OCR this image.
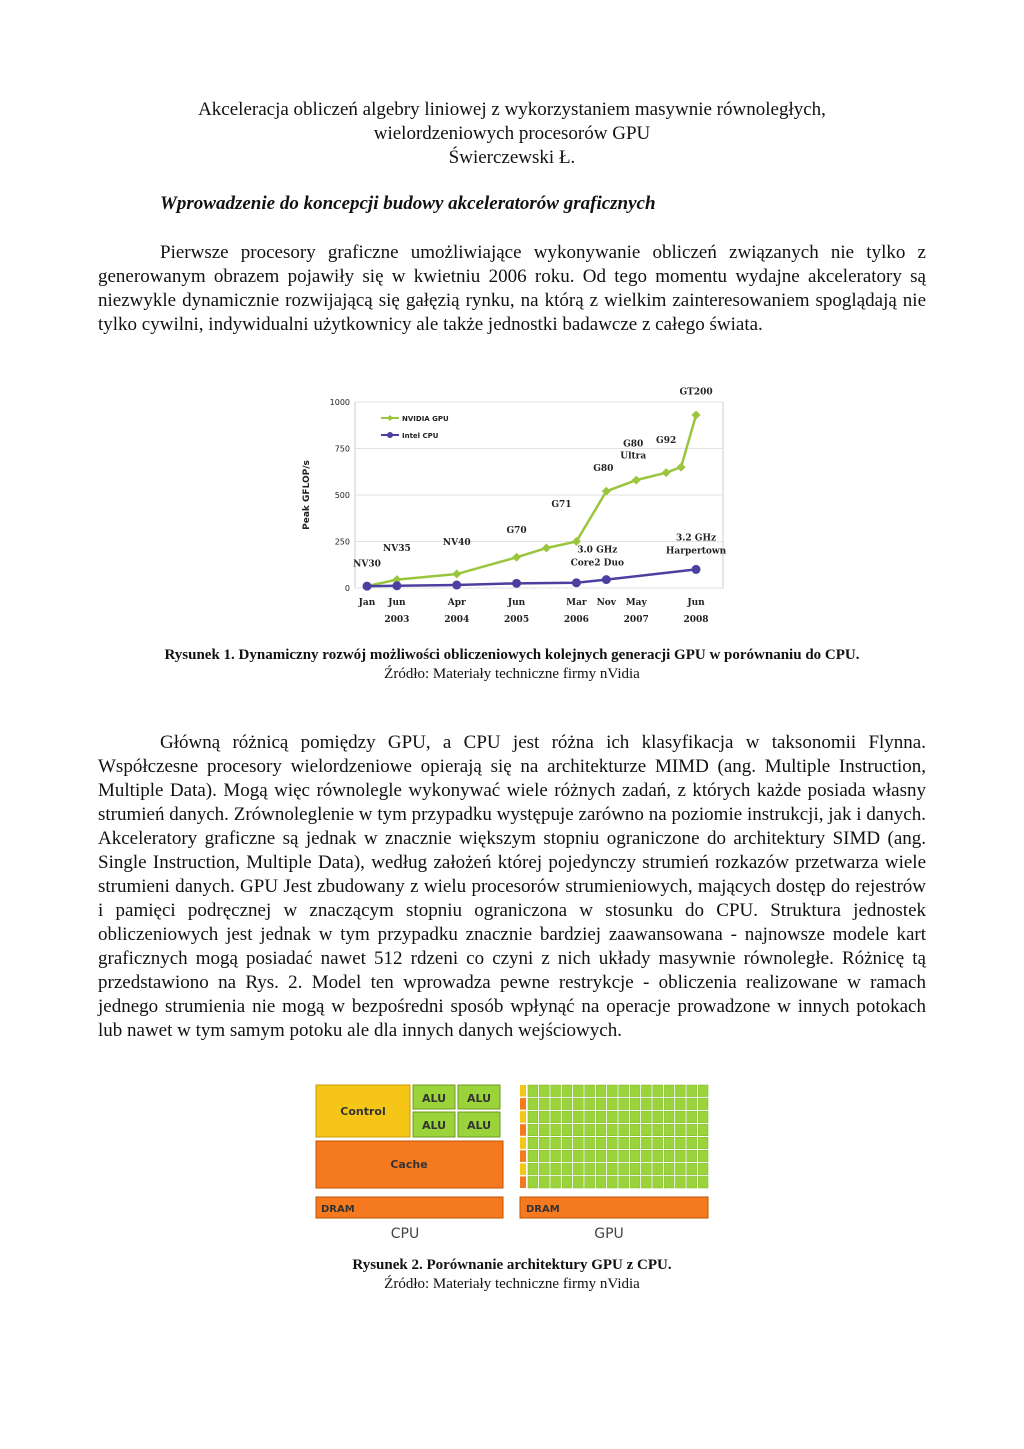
Akceleracja obliczeń algebry liniowej z wykorzystaniem masywnie równoległych,
wielordzeniowych procesorów GPU
Świerczewski Ł.
Wprowadzenie do koncepcji budowy akceleratorów graficznych

Pierwsze procesory graficzne umożliwiające wykonywanie obliczeń związanych nie tylko z generowanym obrazem pojawiły się w kwietniu 2006 roku. Od tego momentu wydajne akceleratory są niezwykle dynamicznie rozwijającą się gałęzią rynku, na którą z wielkim zainteresowaniem spoglądają nie tylko cywilni, indywidualni użytkownicy ale także jednostki badawcze z całego świata.

0
250
500
750
1000
Peak GFLOP/s
Jan Jun	Apr	Jun	Mar Nov May	Jun
2003	2004	2005	2006	2007	2008
NVIDIA GPU
Intel CPU
NV30
NV35
NV40
G70
G71
G80
G80
Ultra
G92
GT200
3.0 GHz
Core2 Duo
3.2 GHz
Harpertown
Rysunek 1. Dynamiczny rozwój możliwości obliczeniowych kolejnych generacji GPU w porównaniu do CPU.
Źródło: Materiały techniczne firmy nVidia

Główną różnicą pomiędzy GPU, a CPU jest różna ich klasyfikacja w taksonomii Flynna. Współczesne procesory wielordzeniowe opierają się na architekturze MIMD (ang. Multiple Instruction, Multiple Data). Mogą więc równolegle wykonywać wiele różnych zadań, z których każde posiada własny strumień danych. Zrównoleglenie w tym przypadku występuje zarówno na poziomie instrukcji, jak i danych. Akceleratory graficzne są jednak w znacznie większym stopniu ograniczone do architektury SIMD (ang. Single Instruction, Multiple Data), według założeń której pojedynczy strumień rozkazów przetwarza wiele strumieni danych. GPU Jest zbudowany z wielu procesorów strumieniowych, mających dostęp do rejestrów i pamięci podręcznej w znaczącym stopniu ograniczona w stosunku do CPU. Struktura jednostek obliczeniowych jest jednak w tym przypadku znacznie bardziej zaawansowana - najnowsze modele kart graficznych mogą posiadać nawet 512 rdzeni co czyni z nich układy masywnie równoległe. Różnicę tą przedstawiono na Rys. 2. Model ten wprowadza pewne restrykcje - obliczenia realizowane w ramach jednego strumienia nie mogą w bezpośredni sposób wpłynąć na operacje prowadzone w innych potokach lub nawet w tym samym potoku ale dla innych danych wejściowych.

Control
ALU ALU
ALU ALU
Cache
DRAM
CPU
DRAM
GPU
Rysunek 2. Porównanie architektury GPU z CPU.
Źródło: Materiały techniczne firmy nVidia
